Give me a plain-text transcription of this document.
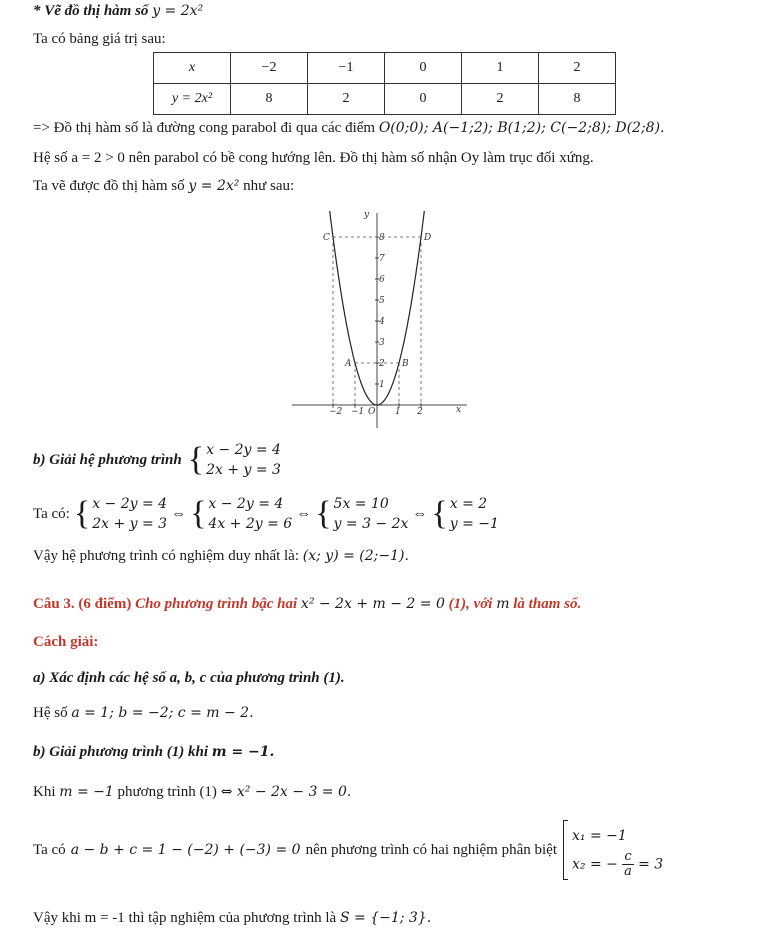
* Vẽ đồ thị hàm số y = 2x²
Ta có bảng giá trị sau:
x	−2	−1	0	1	2
y = 2x²	8	2	0	2	8
=> Đồ thị hàm số là đường cong parabol đi qua các điểm O(0;0); A(−1;2); B(1;2); C(−2;8); D(2;8).
Hệ số a = 2 > 0 nên parabol có bề cong hướng lên. Đồ thị hàm số nhận Oy làm trục đối xứng.
Ta vẽ được đồ thị hàm số y = 2x² như sau:
x
y
O
−2 −1	1 2
1
2
3
4
5
6
7
8
A	B
C	D
b) Giải hệ phương trình { x − 2y = 4
2x + y = 3
Ta có: { x − 2y = 4
2x + y = 3
⇔ { x − 2y = 4
4x + 2y = 6
⇔ { 5x = 10
y = 3 − 2x
⇔ { x = 2
y = −1
Vậy hệ phương trình có nghiệm duy nhất là: (x; y) = (2;−1).
Câu 3. (6 điểm) Cho phương trình bậc hai x² − 2x + m − 2 = 0 (1), với m là tham số.
Cách giải:
a) Xác định các hệ số a, b, c của phương trình (1).
Hệ số a = 1; b = −2; c = m − 2.
b) Giải phương trình (1) khi m = −1.
Khi m = −1 phương trình (1) ⇔ x² − 2x − 3 = 0.
Ta có a − b + c = 1 − (−2) + (−3) = 0 nên phương trình có hai nghiệm phân biệt
x₁ = −1
x₂ = − $\frac{c}{a} = 3$
Vậy khi m = -1 thì tập nghiệm của phương trình là S = {−1; 3}.
